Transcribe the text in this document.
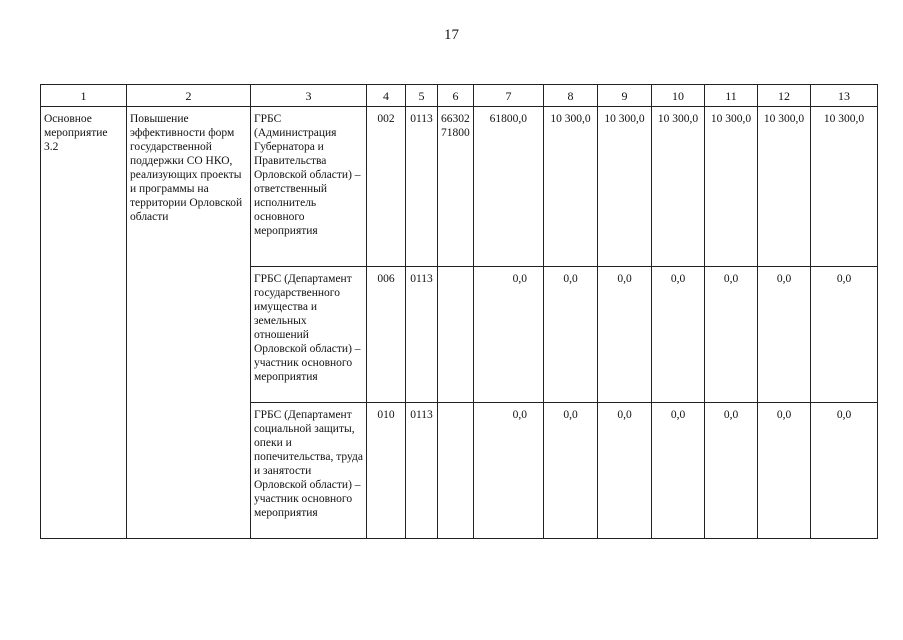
17
1	2	3	4	5	6	7	8	9	10	11	12	13
Основное мероприятие 3.2	Повышение эффективности форм государственной поддержки СО НКО, реализующих проекты и программы на территории Орловской области	ГРБС (Администрация Губернатора и Правительства Орловской области) – ответственный исполнитель основного мероприятия	002	0113	6630271800	61800,0	10 300,0	10 300,0	10 300,0	10 300,0	10 300,0	10 300,0
		ГРБС (Департамент государственного имущества и земельных отношений Орловской области) – участник основного мероприятия	006	0113		0,0	0,0	0,0	0,0	0,0	0,0	0,0
		ГРБС (Департамент социальной защиты, опеки и попечительства, труда и занятости Орловской области) – участник основного мероприятия	010	0113		0,0	0,0	0,0	0,0	0,0	0,0	0,0
